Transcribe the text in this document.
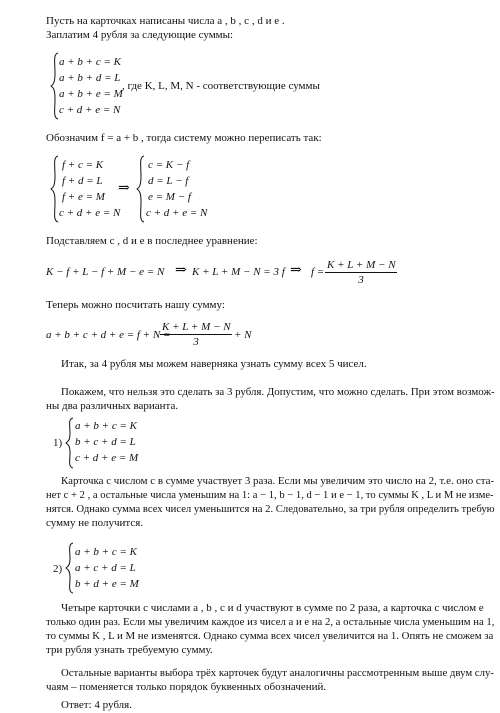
Пусть на карточках написаны числа a , b , c , d и e .
Заплатим 4 рубля за следующие суммы:
a + b + c = K
a + b + d = L
a + b + e = M
c + d + e = N
, где K, L, M, N - соответствующие суммы
Обозначим f = a + b , тогда систему можно переписать так:
f + c = K
f + d = L
f + e = M
c + d + e = N
⇒
c = K − f
d = L − f
e = M − f
c + d + e = N
Подставляем c , d и e в последнее уравнение:
K − f + L − f + M − e = N ⇒ K + L + M − N = 3 f ⇒ f =
K + L + M − N
3
Теперь можно посчитать нашу сумму:
a + b + c + d + e = f + N =
K + L + M − N
3
+ N
Итак, за 4 рубля мы можем наверняка узнать сумму всех 5 чисел.
Покажем, что нельзя это сделать за 3 рубля. Допустим, что можно сделать. При этом возмож-
ны два различных варианта.
1)
a + b + c = K
b + c + d = L
c + d + e = M
Карточка с числом c в сумме участвует 3 раза. Если мы увеличим это число на 2, т.е. оно ста-
нет c + 2 , а остальные числа уменьшим на 1: a − 1, b − 1, d − 1 и e − 1, то суммы K , L и M не изме-
нятся. Однако сумма всех чисел уменьшится на 2. Следовательно, за три рубля определить требую
сумму не получится.
2)
a + b + c = K
a + c + d = L
b + d + e = M
Четыре карточки с числами a , b , c и d участвуют в сумме по 2 раза, а карточка с числом e
только один раз. Если мы увеличим каждое из чисел a и e на 2, а остальные числа уменьшим на 1,
то суммы K , L и M не изменятся. Однако сумма всех чисел увеличится на 1. Опять не сможем за
три рубля узнать требуемую сумму.
Остальные варианты выбора трёх карточек будут аналогичны рассмотренным выше двум слу-
чаям – поменяется только порядок буквенных обозначений.
Ответ: 4 рубля.
